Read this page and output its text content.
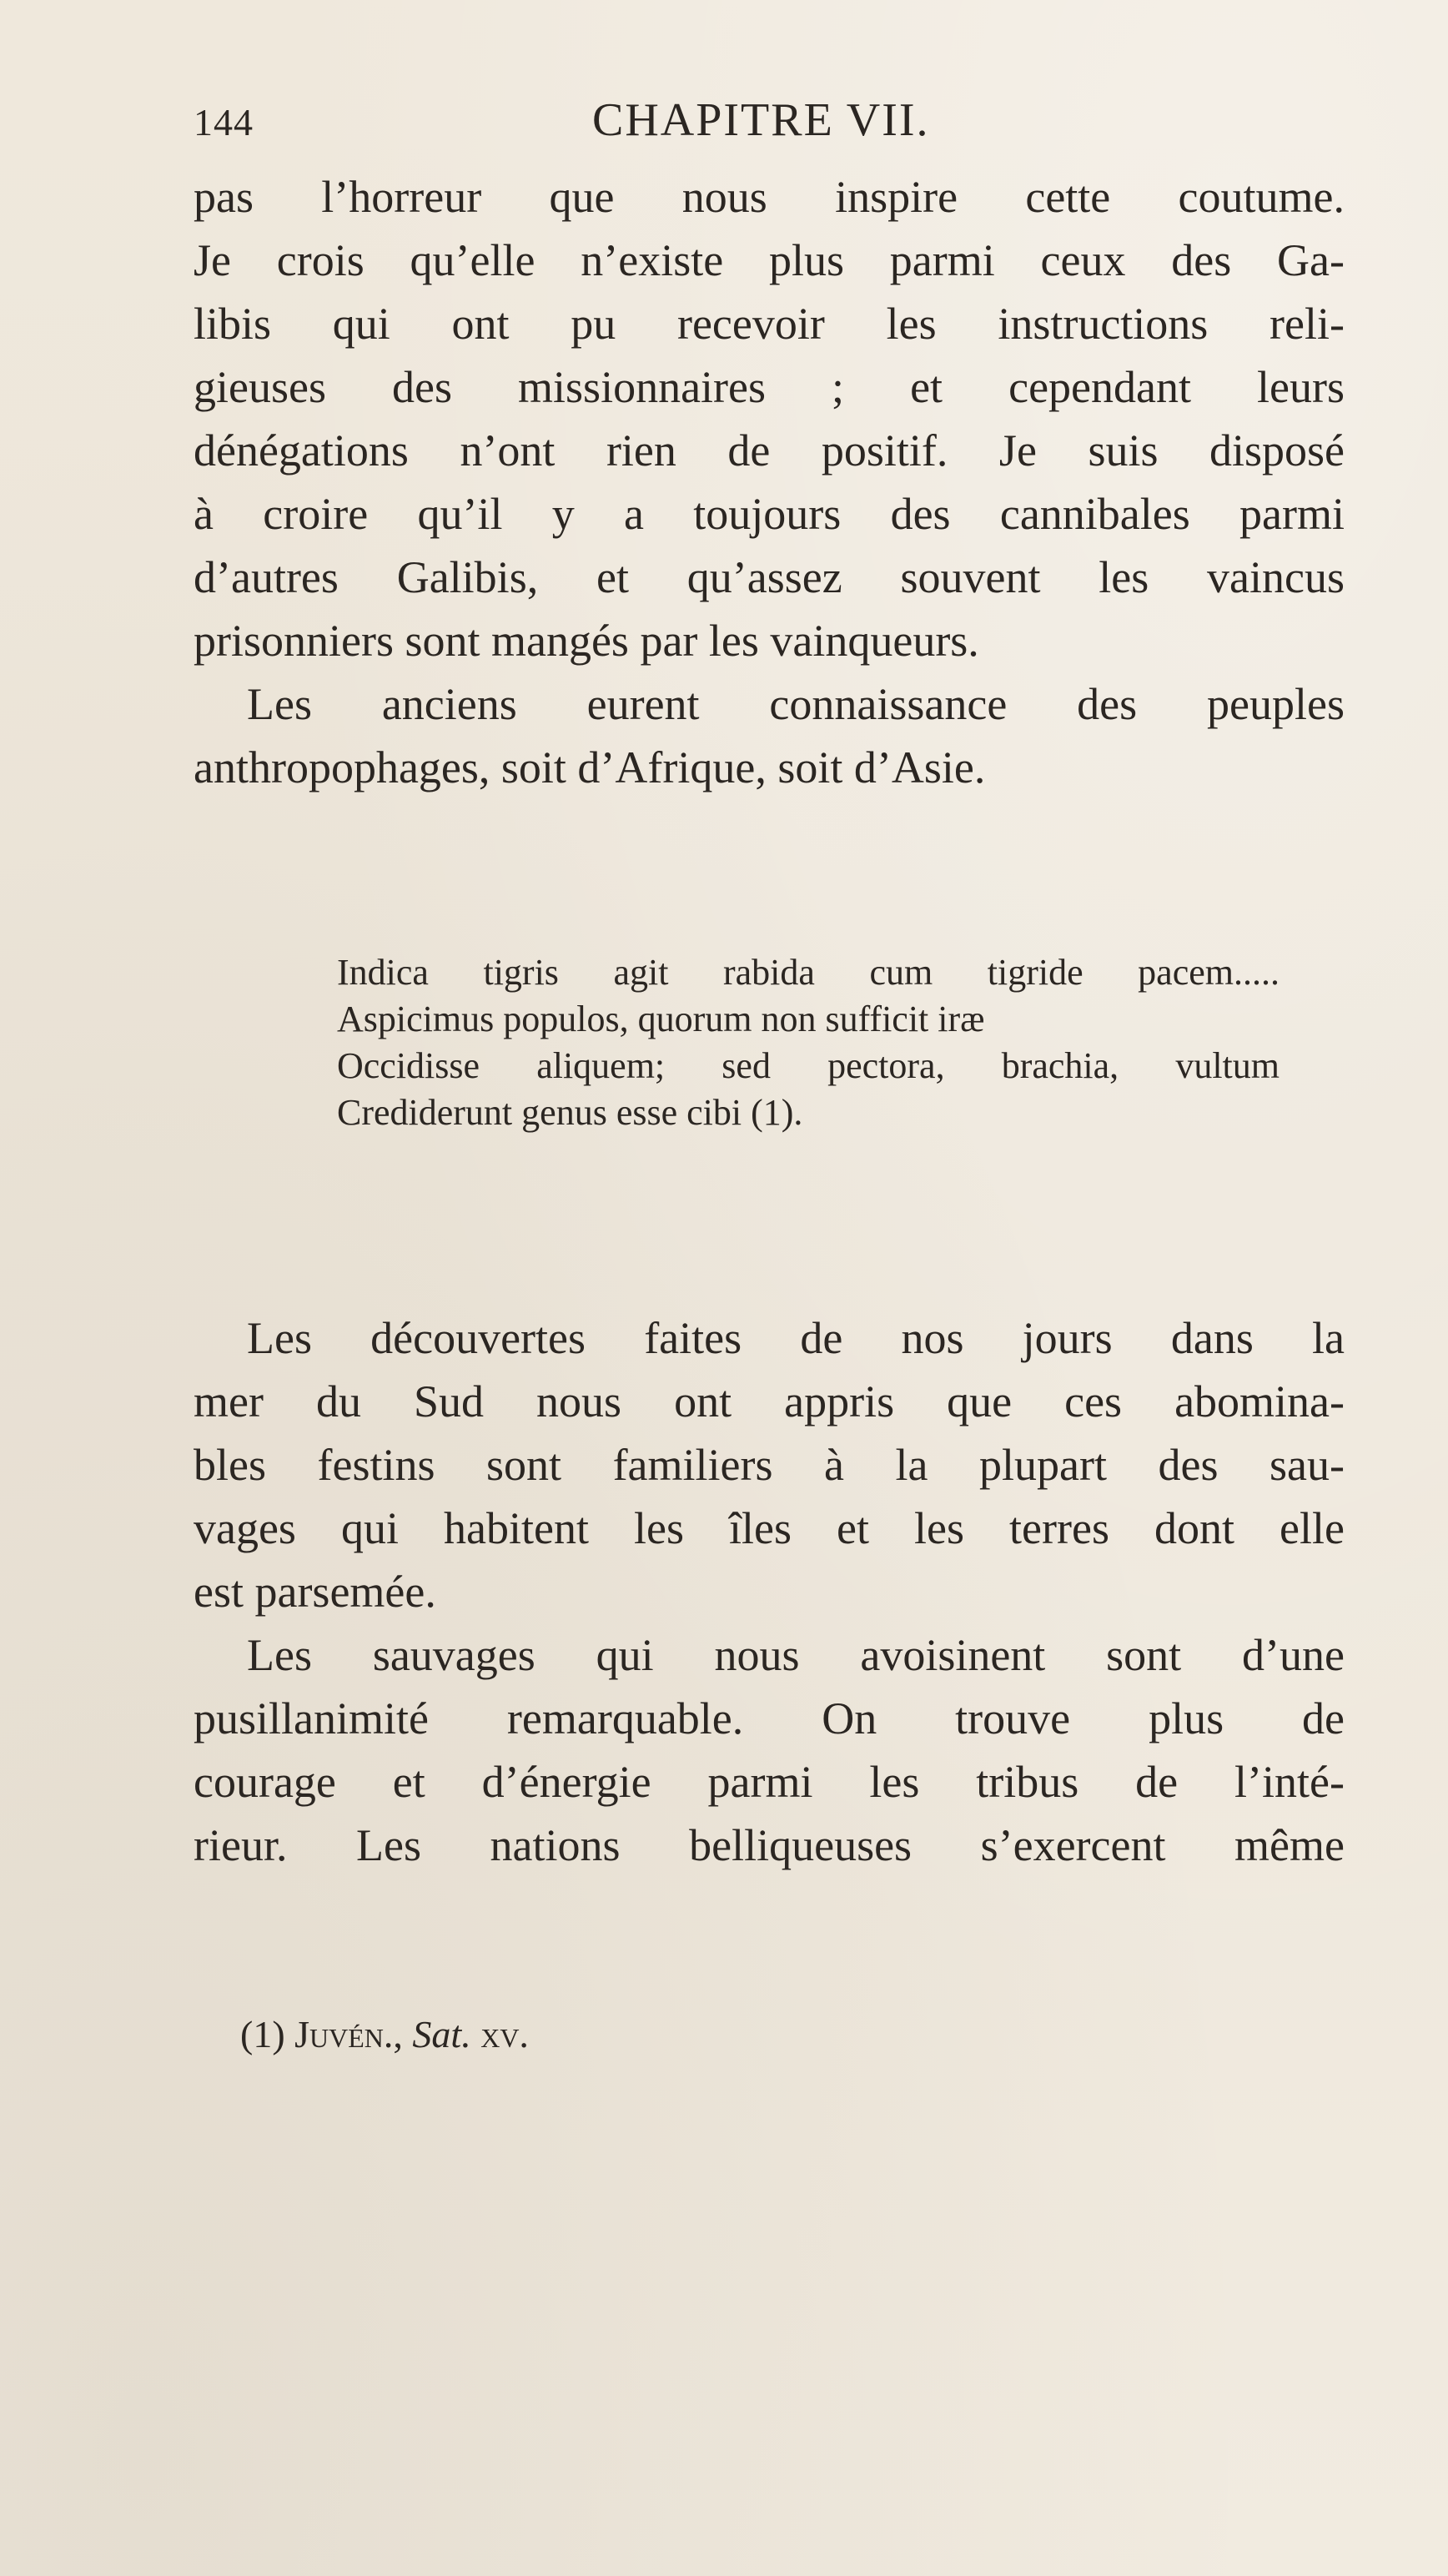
144	CHAPITRE VII.
pas l’horreur que nous inspire cette coutume.
Je crois qu’elle n’existe plus parmi ceux des Ga-
libis qui ont pu recevoir les instructions reli-
gieuses des missionnaires ; et cependant leurs
dénégations n’ont rien de positif. Je suis disposé
à croire qu’il y a toujours des cannibales parmi
d’autres Galibis, et qu’assez souvent les vaincus
prisonniers sont mangés par les vainqueurs.
Les anciens eurent connaissance des peuples
anthropophages, soit d’Afrique, soit d’Asie.
Indica tigris agit rabida cum tigride pacem.....
Aspicimus populos, quorum non sufficit iræ
Occidisse aliquem; sed pectora, brachia, vultum
Crediderunt genus esse cibi (1).
Les découvertes faites de nos jours dans la
mer du Sud nous ont appris que ces abomina-
bles festins sont familiers à la plupart des sau-
vages qui habitent les îles et les terres dont elle
est parsemée.
Les sauvages qui nous avoisinent sont d’une
pusillanimité remarquable. On trouve plus de
courage et d’énergie parmi les tribus de l’inté-
rieur. Les nations belliqueuses s’exercent même
(1) Juvén., Sat. xv.
